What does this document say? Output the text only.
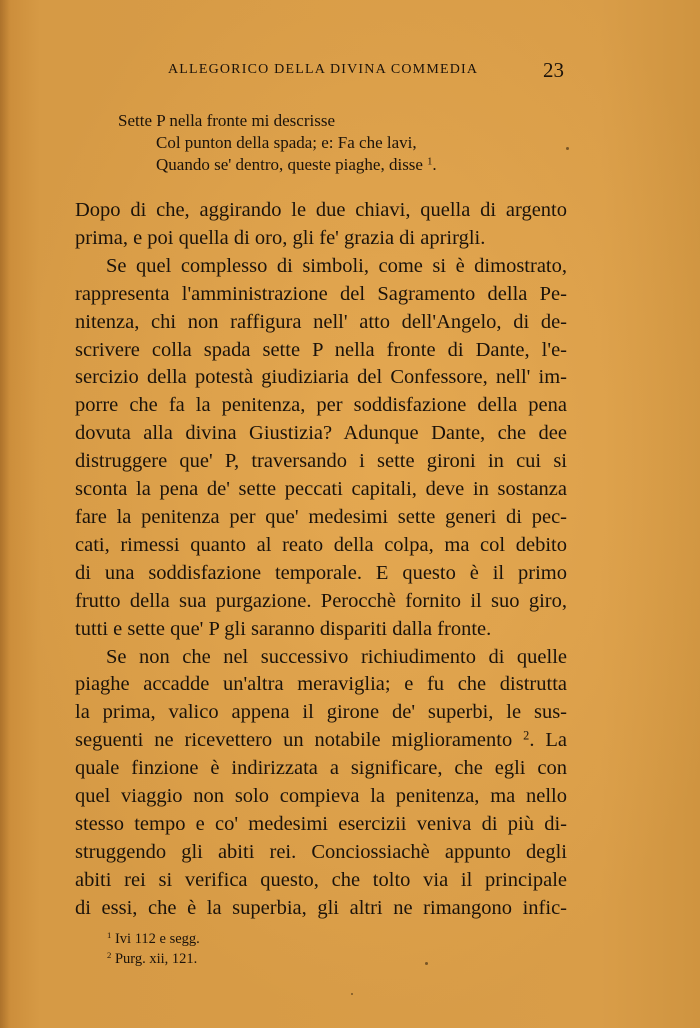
ALLEGORICO DELLA DIVINA COMMEDIA	23
Sette P nella fronte mi descrisse
Col punton della spada; e: Fa che lavi,
Quando se' dentro, queste piaghe, disse $^1$.
Dopo di che, aggirando le due chiavi, quella di argento
prima, e poi quella di oro, gli fe' grazia di aprirgli.
Se quel complesso di simboli, come si è dimostrato,
rappresenta l'amministrazione del Sagramento della Pe-
nitenza, chi non raffigura nell' atto dell'Angelo, di de-
scrivere colla spada sette P nella fronte di Dante, l'e-
sercizio della potestà giudiziaria del Confessore, nell' im-
porre che fa la penitenza, per soddisfazione della pena
dovuta alla divina Giustizia? Adunque Dante, che dee
distruggere que' P, traversando i sette gironi in cui si
sconta la pena de' sette peccati capitali, deve in sostanza
fare la penitenza per que' medesimi sette generi di pec-
cati, rimessi quanto al reato della colpa, ma col debito
di una soddisfazione temporale. E questo è il primo
frutto della sua purgazione. Perocchè fornito il suo giro,
tutti e sette que' P gli saranno dispariti dalla fronte.
Se non che nel successivo richiudimento di quelle
piaghe accadde un'altra meraviglia; e fu che distrutta
la prima, valico appena il girone de' superbi, le sus-
seguenti ne ricevettero un notabile miglioramento $^2$. La
quale finzione è indirizzata a significare, che egli con
quel viaggio non solo compieva la penitenza, ma nello
stesso tempo e co' medesimi esercizii veniva di più di-
struggendo gli abiti rei. Conciossiachè appunto degli
abiti rei si verifica questo, che tolto via il principale
di essi, che è la superbia, gli altri ne rimangono infic-
$^1$ Ivi 112 e segg.
$^2$ Purg. xii, 121.
